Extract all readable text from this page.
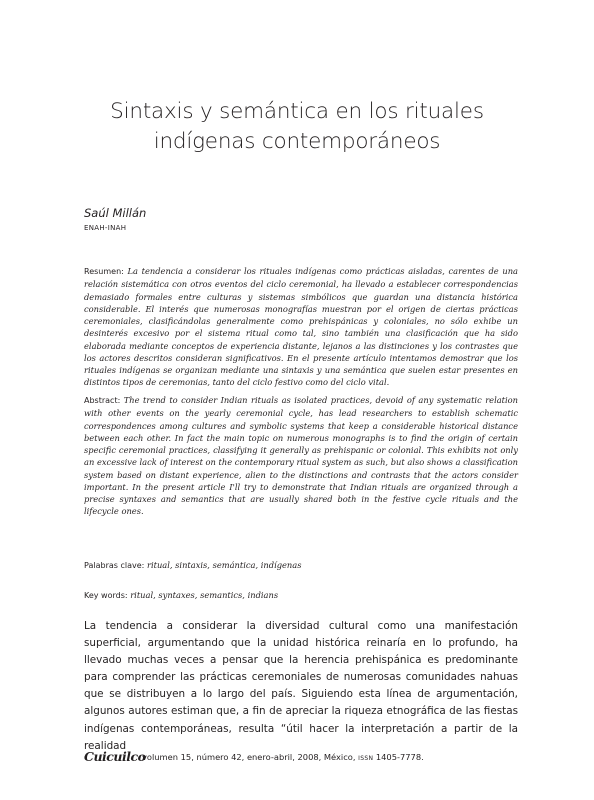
Sintaxis y semántica en los rituales
indígenas contemporáneos
Saúl Millán
ENAH-INAH
Resumen: La tendencia a considerar los rituales indígenas como prácticas aisladas, carentes de una relación sistemática con otros eventos del ciclo ceremonial, ha llevado a establecer correspondencias demasiado formales entre culturas y sistemas simbólicos que guardan una distancia histórica considerable. El interés que numerosas monografías muestran por el origen de ciertas prácticas ceremoniales, clasificándolas generalmente como prehispánicas y coloniales, no sólo exhibe un desinterés excesivo por el sistema ritual como tal, sino también una clasificación que ha sido elaborada mediante conceptos de experiencia distante, lejanos a las distinciones y los contrastes que los actores descritos consideran significativos. En el presente artículo intentamos demostrar que los rituales indígenas se organizan mediante una sintaxis y una semántica que suelen estar presentes en distintos tipos de ceremonias, tanto del ciclo festivo como del ciclo vital.
Abstract: The trend to consider Indian rituals as isolated practices, devoid of any systematic relation with other events on the yearly ceremonial cycle, has lead researchers to establish schematic correspondences among cultures and symbolic systems that keep a considerable historical distance between each other. In fact the main topic on numerous monographs is to find the origin of certain specific ceremonial practices, classifying it generally as prehispanic or colonial. This exhibits not only an excessive lack of interest on the contemporary ritual system as such, but also shows a classification system based on distant experience, alien to the distinctions and contrasts that the actors consider important. In the present article I'll try to demonstrate that Indian rituals are organized through a precise syntaxes and semantics that are usually shared both in the festive cycle rituals and the lifecycle ones.
Palabras clave: ritual, sintaxis, semántica, indígenas
Key words: ritual, syntaxes, semantics, indians
La tendencia a considerar la diversidad cultural como una manifestación superficial, argumentando que la unidad histórica reinaría en lo profundo, ha llevado muchas veces a pensar que la herencia prehispánica es predominante para comprender las prácticas ceremoniales de numerosas comunidades nahuas que se distribuyen a lo largo del país. Siguiendo esta línea de argumentación, algunos autores estiman que, a fin de apreciar la riqueza etnográfica de las fiestas indígenas contemporáneas, resulta “útil hacer la interpretación a partir de la realidad
Cuicuilco
volumen 15, número 42, enero-abril, 2008, México, ISSN 1405-7778.
